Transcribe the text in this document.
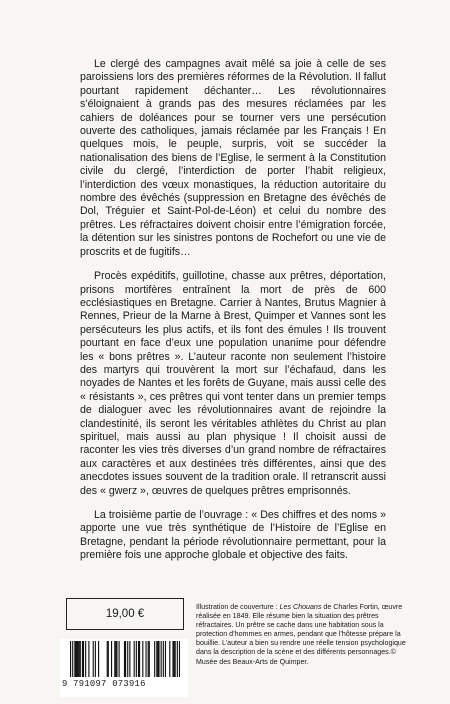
Le clergé des campagnes avait mêlé sa joie à celle de ses paroissiens lors des premières réformes de la Révolution. Il fallut pourtant rapidement déchanter… Les révolutionnaires s’éloignaient à grands pas des mesures réclamées par les cahiers de doléances pour se tourner vers une persécution ouverte des catholiques, jamais réclamée par les Français ! En quelques mois, le peuple, surpris, voit se succéder la nationalisation des biens de l’Eglise, le serment à la Constitution civile du clergé, l’interdiction de porter l’habit religieux, l’interdiction des vœux monastiques, la réduction autoritaire du nombre des évêchés (suppression en Bretagne des évêchés de Dol, Tréguier et Saint-Pol-de-Léon) et celui du nombre des prêtres. Les réfractaires doivent choisir entre l’émigration forcée, la détention sur les sinistres pontons de Rochefort ou une vie de proscrits et de fugitifs…

Procès expéditifs, guillotine, chasse aux prêtres, déportation, prisons mortifères entraînent la mort de près de 600 ecclésiastiques en Bretagne. Carrier à Nantes, Brutus Magnier à Rennes, Prieur de la Marne à Brest, Quimper et Vannes sont les persécuteurs les plus actifs, et ils font des émules ! Ils trouvent pourtant en face d’eux une population unanime pour défendre les « bons prêtres ». L’auteur raconte non seulement l’histoire des martyrs qui trouvèrent la mort sur l’échafaud, dans les noyades de Nantes et les forêts de Guyane, mais aussi celle des « résistants », ces prêtres qui vont tenter dans un premier temps de dialoguer avec les révolutionnaires avant de rejoindre la clandestinité, ils seront les véritables athlètes du Christ au plan spirituel, mais aussi au plan physique ! Il choisit aussi de raconter les vies très diverses d’un grand nombre de réfractaires aux caractères et aux destinées très différentes, ainsi que des anecdotes issues souvent de la tradition orale. Il retranscrit aussi des « gwerz », œuvres de quelques prêtres emprisonnés.

La troisième partie de l’ouvrage : « Des chiffres et des noms » apporte une vue très synthétique de l’Histoire de l’Eglise en Bretagne, pendant la période révolutionnaire permettant, pour la première fois une approche globale et objective des faits.

19,00 €
9 791097 073916
Illustration de couverture : Les Chouans de Charles Fortin, œuvre réalisée en 1849. Elle résume bien la situation des prêtres réfractaires. Un prêtre se cache dans une habitation sous la protection d’hommes en armes, pendant que l’hôtesse prépare la bouillie. L’auteur a bien su rendre une réelle tension psychologique dans la description de la scène et des différents personnages.© Musée des Beaux-Arts de Quimper.
